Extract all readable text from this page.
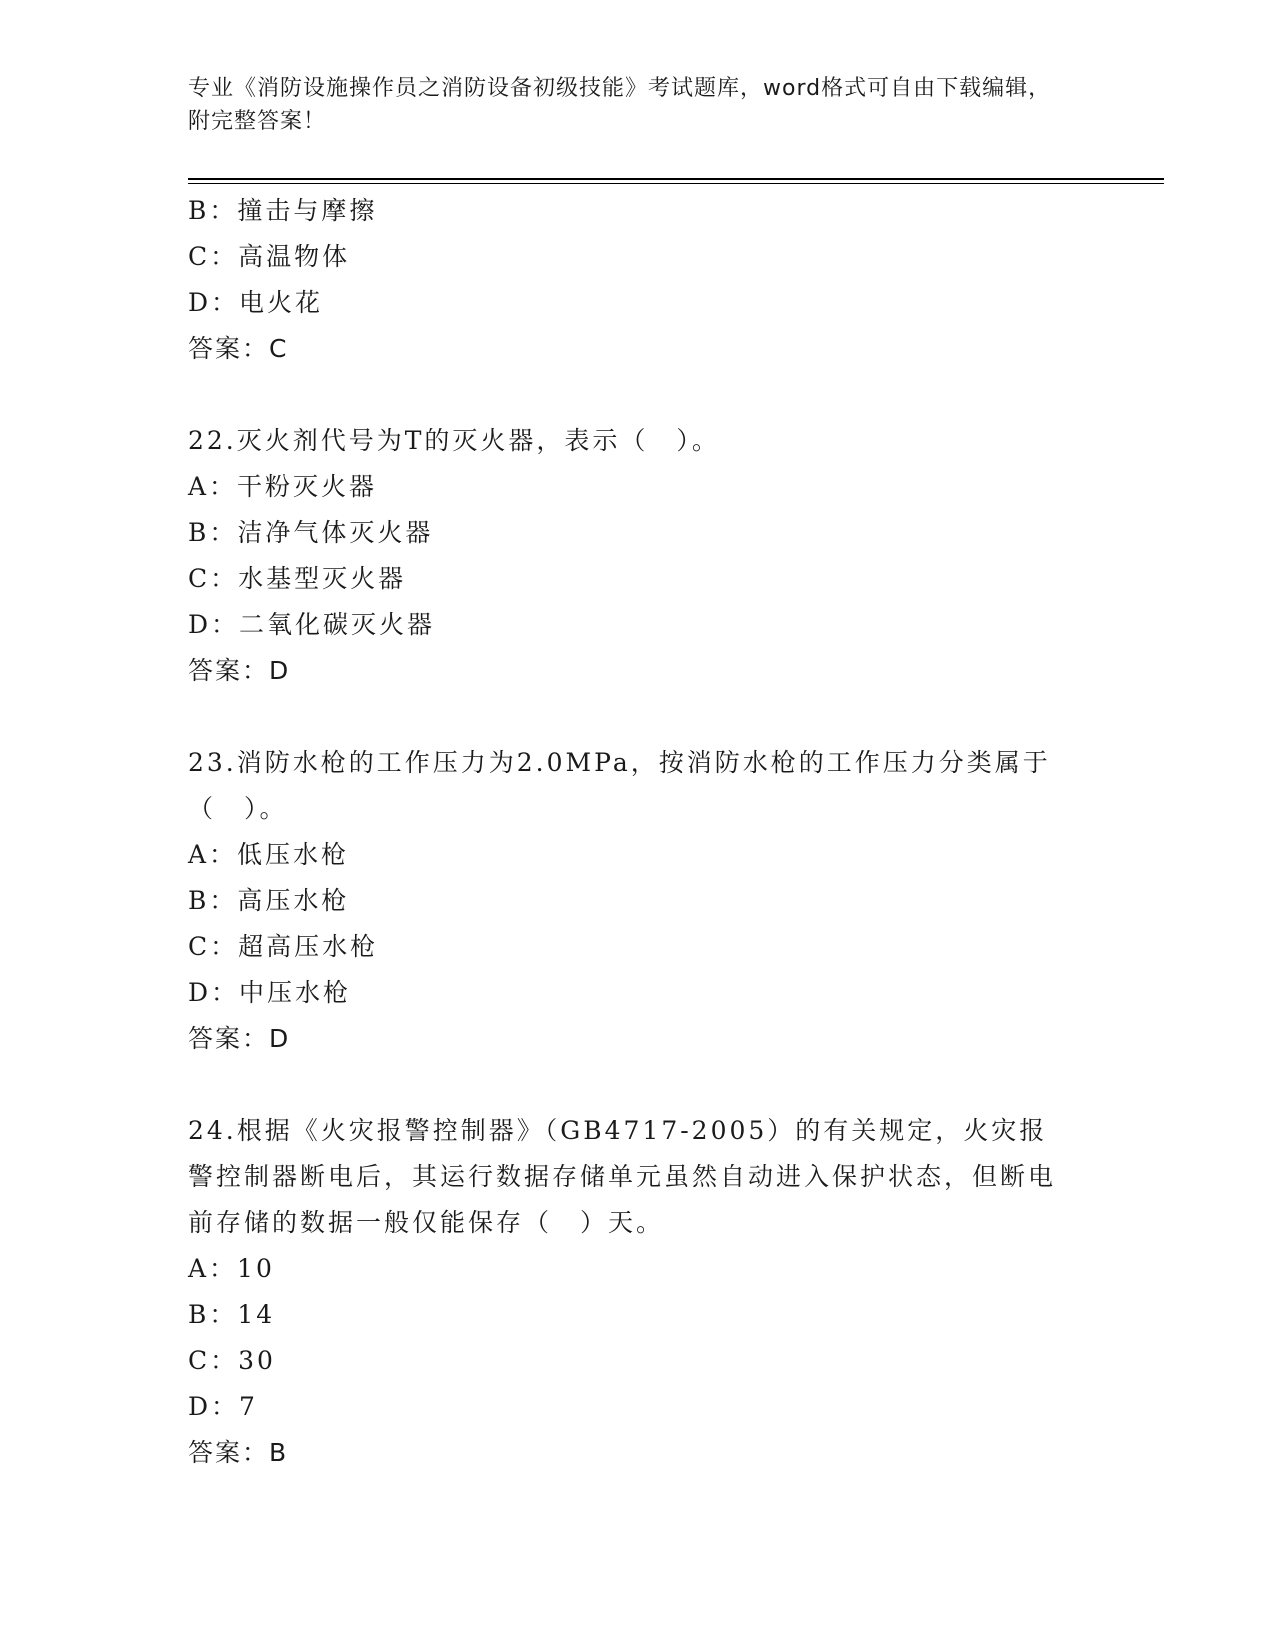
专业《消防设施操作员之消防设备初级技能》考试题库，word格式可自由下载编辑，附完整答案！
B：撞击与摩擦
C：高温物体
D：电火花
答案：C
22.灭火剂代号为T的灭火器，表示（　）。
A：干粉灭火器
B：洁净气体灭火器
C：水基型灭火器
D：二氧化碳灭火器
答案：D
23.消防水枪的工作压力为2.0MPa，按消防水枪的工作压力分类属于（　）。
A：低压水枪
B：高压水枪
C：超高压水枪
D：中压水枪
答案：D
24.根据《火灾报警控制器》（GB4717-2005）的有关规定，火灾报警控制器断电后，其运行数据存储单元虽然自动进入保护状态，但断电前存储的数据一般仅能保存（　）天。
A：10
B：14
C：30
D：7
答案：B
